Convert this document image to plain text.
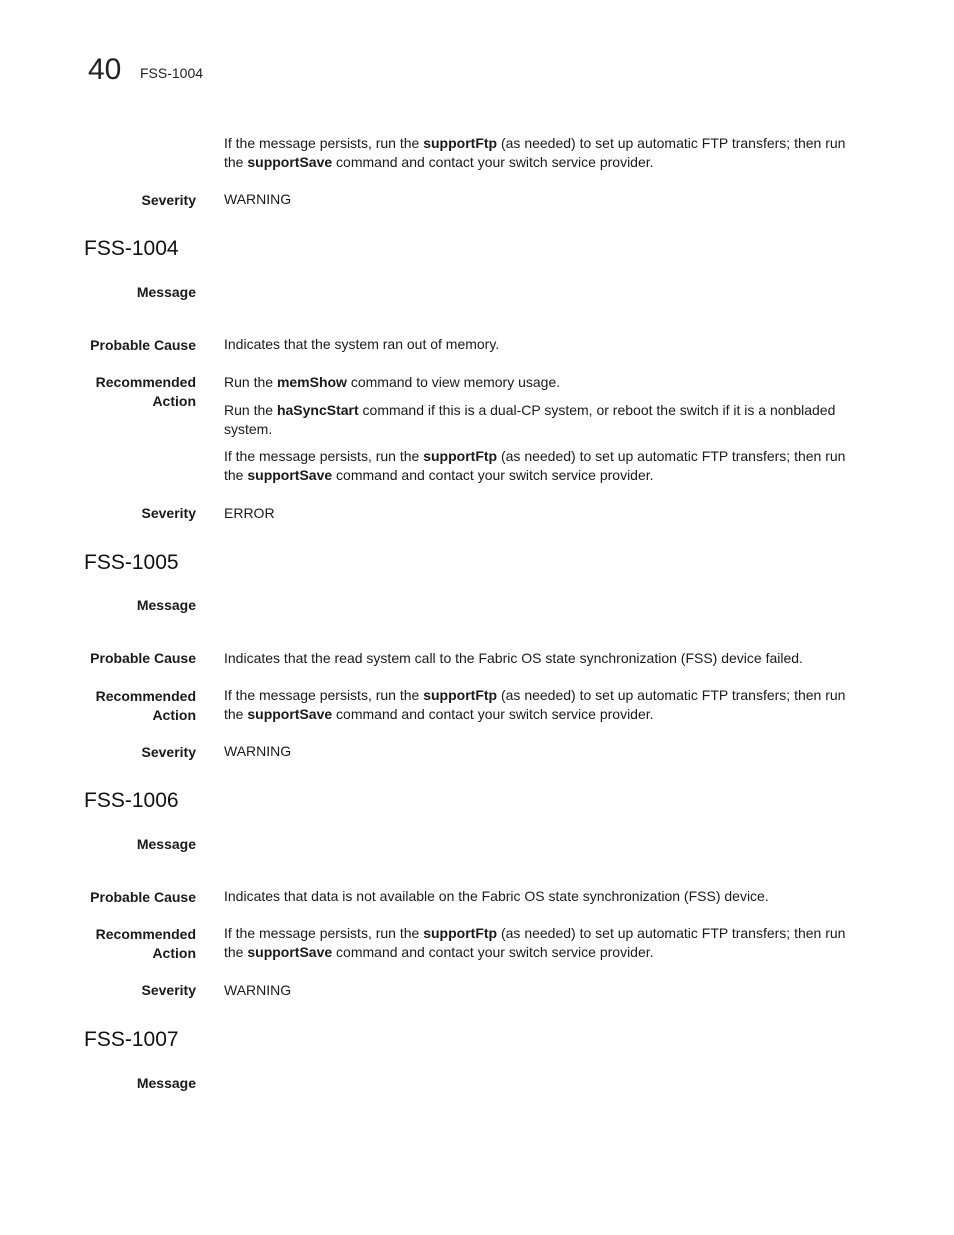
40 FSS-1004
If the message persists, run the supportFtp (as needed) to set up automatic FTP transfers; then run
the supportSave command and contact your switch service provider.
Severity WARNING
FSS-1004
Message
Probable Cause Indicates that the system ran out of memory.
Recommended
Action
Run the memShow command to view memory usage.
Run the haSyncStart command if this is a dual-CP system, or reboot the switch if it is a nonbladed
system.
If the message persists, run the supportFtp (as needed) to set up automatic FTP transfers; then run
the supportSave command and contact your switch service provider.
Severity ERROR
FSS-1005
Message
Probable Cause Indicates that the read system call to the Fabric OS state synchronization (FSS) device failed.
Recommended
Action
If the message persists, run the supportFtp (as needed) to set up automatic FTP transfers; then run
the supportSave command and contact your switch service provider.
Severity WARNING
FSS-1006
Message
Probable Cause Indicates that data is not available on the Fabric OS state synchronization (FSS) device.
Recommended
Action
If the message persists, run the supportFtp (as needed) to set up automatic FTP transfers; then run
the supportSave command and contact your switch service provider.
Severity WARNING
FSS-1007
Message
